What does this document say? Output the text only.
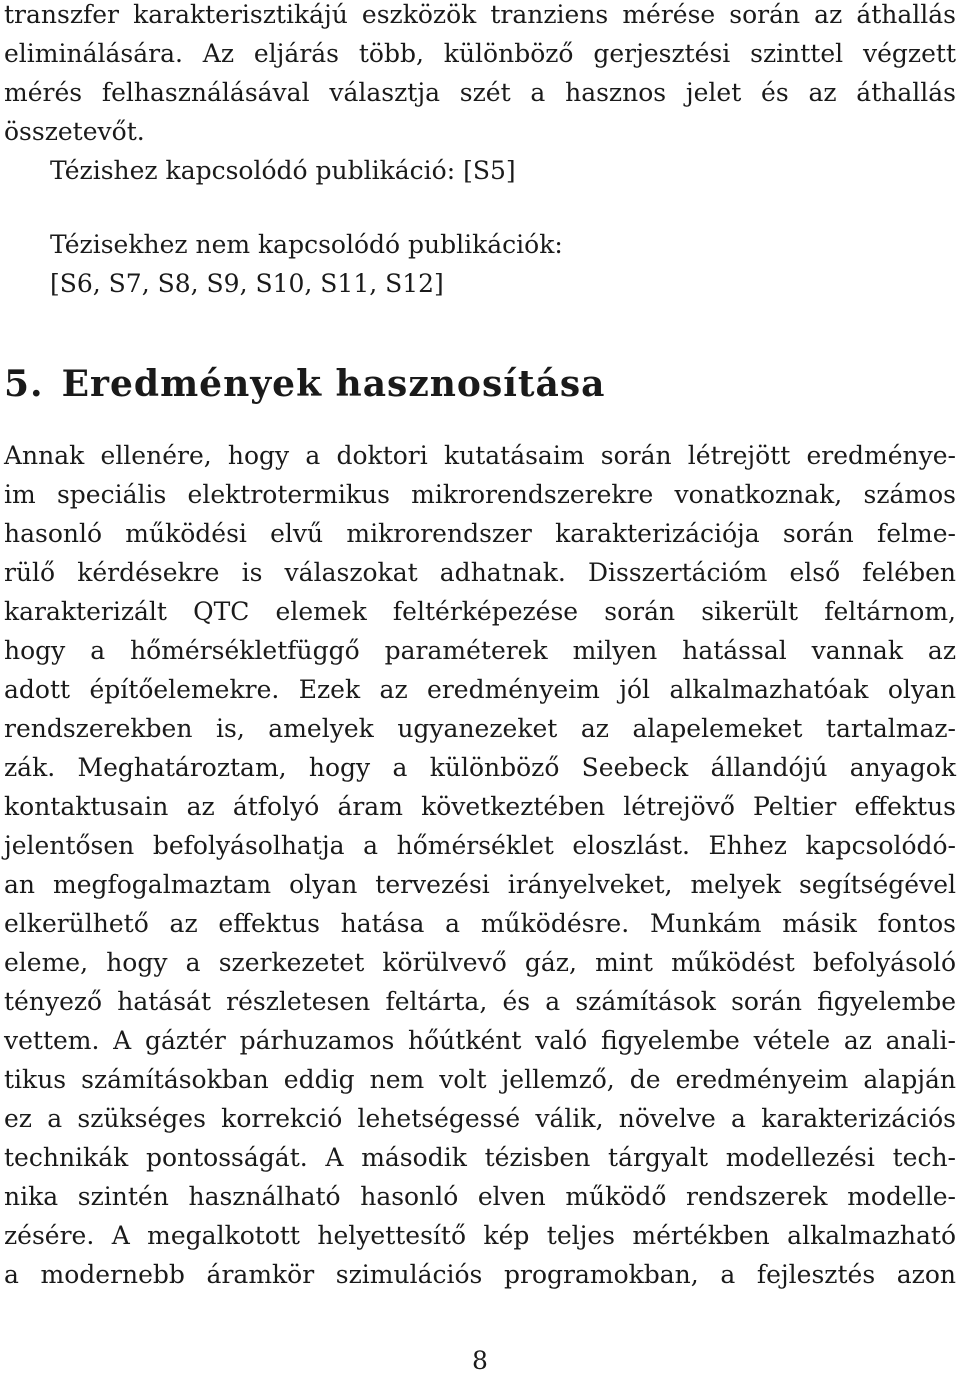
transzfer karakterisztikájú eszközök tranziens mérése során az áthallás
eliminálására. Az eljárás több, különböző gerjesztési szinttel végzett
mérés felhasználásával választja szét a hasznos jelet és az áthallás
összetevőt.
Tézishez kapcsolódó publikáció: [S5]
Tézisekhez nem kapcsolódó publikációk:
[S6, S7, S8, S9, S10, S11, S12]
5. Eredmények hasznosítása
Annak ellenére, hogy a doktori kutatásaim során létrejött eredménye-
im speciális elektrotermikus mikrorendszerekre vonatkoznak, számos
hasonló működési elvű mikrorendszer karakterizációja során felme-
rülő kérdésekre is válaszokat adhatnak. Disszertációm első felében
karakterizált QTC elemek feltérképezése során sikerült feltárnom,
hogy a hőmérsékletfüggő paraméterek milyen hatással vannak az
adott építőelemekre. Ezek az eredményeim jól alkalmazhatóak olyan
rendszerekben is, amelyek ugyanezeket az alapelemeket tartalmaz-
zák. Meghatároztam, hogy a különböző Seebeck állandójú anyagok
kontaktusain az átfolyó áram következtében létrejövő Peltier effektus
jelentősen befolyásolhatja a hőmérséklet eloszlást. Ehhez kapcsolódó-
an megfogalmaztam olyan tervezési irányelveket, melyek segítségével
elkerülhető az effektus hatása a működésre. Munkám másik fontos
eleme, hogy a szerkezetet körülvevő gáz, mint működést befolyásoló
tényező hatását részletesen feltárta, és a számítások során figyelembe
vettem. A gáztér párhuzamos hőútként való figyelembe vétele az anali-
tikus számításokban eddig nem volt jellemző, de eredményeim alapján
ez a szükséges korrekció lehetségessé válik, növelve a karakterizációs
technikák pontosságát. A második tézisben tárgyalt modellezési tech-
nika szintén használható hasonló elven működő rendszerek modelle-
zésére. A megalkotott helyettesítő kép teljes mértékben alkalmazható
a modernebb áramkör szimulációs programokban, a fejlesztés azon
8
